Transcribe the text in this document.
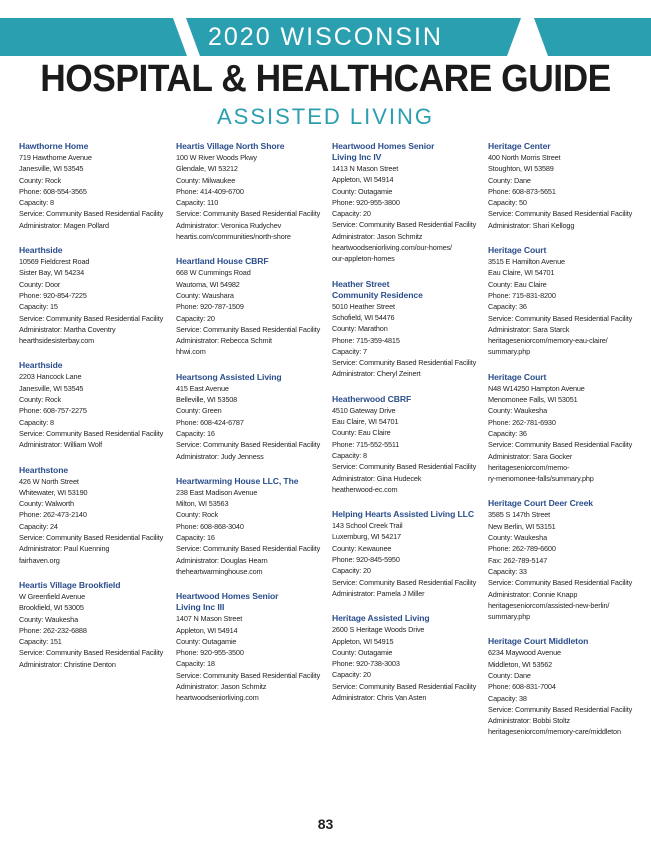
2020 WISCONSIN
HOSPITAL & HEALTHCARE GUIDE
ASSISTED LIVING
Hawthorne Home
719 Hawthorne Avenue
Janesville, WI 53545
County: Rock
Phone: 608-554-3565
Capacity: 8
Service: Community Based Residential Facility
Administrator: Magen Pollard
Hearthside
10569 Fieldcrest Road
Sister Bay, WI 54234
County: Door
Phone: 920-854-7225
Capacity: 15
Service: Community Based Residential Facility
Administrator: Martha Coventry
hearthsidesisterbay.com
Hearthside
2203 Hancock Lane
Janesville, WI 53545
County: Rock
Phone: 608-757-2275
Capacity: 8
Service: Community Based Residential Facility
Administrator: William Wolf
Hearthstone
426 W North Street
Whitewater, WI 53190
County: Walworth
Phone: 262-473-2140
Capacity: 24
Service: Community Based Residential Facility
Administrator: Paul Kuenning
fairhaven.org
Heartis Village Brookfield
W Greenfield Avenue
Brookfield, WI 53005
County: Waukesha
Phone: 262-232-6888
Capacity: 151
Service: Community Based Residential Facility
Administrator: Christine Denton
Heartis Village North Shore
100 W River Woods Pkwy
Glendale, WI 53212
County: Milwaukee
Phone: 414-409-6700
Capacity: 110
Service: Community Based Residential Facility
Administrator: Veronica Rudychev
heartis.com/communities/north-shore
Heartland House CBRF
668 W Cummings Road
Wautoma, WI 54982
County: Waushara
Phone: 920-787-1509
Capacity: 20
Service: Community Based Residential Facility
Administrator: Rebecca Schmit
hhwi.com
Heartsong Assisted Living
415 East Avenue
Belleville, WI 53508
County: Green
Phone: 608-424-6787
Capacity: 16
Service: Community Based Residential Facility
Administrator: Judy Jenness
Heartwarming House LLC, The
238 East Madison Avenue
Milton, WI 53563
County: Rock
Phone: 608-868-3040
Capacity: 16
Service: Community Based Residential Facility
Administrator: Douglas Hearn
theheartwarminghouse.com
Heartwood Homes Senior
Living Inc III
1407 N Mason Street
Appleton, WI 54914
County: Outagamie
Phone: 920-955-3500
Capacity: 18
Service: Community Based Residential Facility
Administrator: Jason Schmitz
heartwoodseniorliving.com
Heartwood Homes Senior
Living Inc IV
1413 N Mason Street
Appleton, WI 54914
County: Outagamie
Phone: 920-955-3800
Capacity: 20
Service: Community Based Residential Facility
Administrator: Jason Schmitz
heartwoodseniorliving.com/our-homes/
our-appleton-homes
Heather Street
Community Residence
5010 Heather Street
Schofield, WI 54476
County: Marathon
Phone: 715-359-4815
Capacity: 7
Service: Community Based Residential Facility
Administrator: Cheryl Zeinert
Heatherwood CBRF
4510 Gateway Drive
Eau Claire, WI 54701
County: Eau Claire
Phone: 715-552-5511
Capacity: 8
Service: Community Based Residential Facility
Administrator: Gina Hudecek
heatherwood-ec.com
Helping Hearts Assisted Living LLC
143 School Creek Trail
Luxemburg, WI 54217
County: Kewaunee
Phone: 920-845-5950
Capacity: 20
Service: Community Based Residential Facility
Administrator: Pamela J Miller
Heritage Assisted Living
2600 S Heritage Woods Drive
Appleton, WI 54915
County: Outagamie
Phone: 920-738-3003
Capacity: 20
Service: Community Based Residential Facility
Administrator: Chris Van Asten
Heritage Center
400 North Morris Street
Stoughton, WI 53589
County: Dane
Phone: 608-873-5651
Capacity: 50
Service: Community Based Residential Facility
Administrator: Shari Kellogg
Heritage Court
3515 E Hamilton Avenue
Eau Claire, WI 54701
County: Eau Claire
Phone: 715-831-8200
Capacity: 36
Service: Community Based Residential Facility
Administrator: Sara Starck
heritageseniorcom/memory-eau-claire/
summary.php
Heritage Court
N48 W14250 Hampton Avenue
Menomonee Falls, WI 53051
County: Waukesha
Phone: 262-781-6930
Capacity: 36
Service: Community Based Residential Facility
Administrator: Sara Gocker
heritageseniorcom/memo-
ry-menomonee-falls/summary.php
Heritage Court Deer Creek
3585 S 147th Street
New Berlin, WI 53151
County: Waukesha
Phone: 262-789-6600
Fax: 262-789-5147
Capacity: 33
Service: Community Based Residential Facility
Administrator: Connie Knapp
heritageseniorcom/assisted-new-berlin/
summary.php
Heritage Court Middleton
6234 Maywood Avenue
Middleton, WI 53562
County: Dane
Phone: 608-831-7004
Capacity: 38
Service: Community Based Residential Facility
Administrator: Bobbi Stoltz
heritageseniorcom/memory-care/middleton
83
